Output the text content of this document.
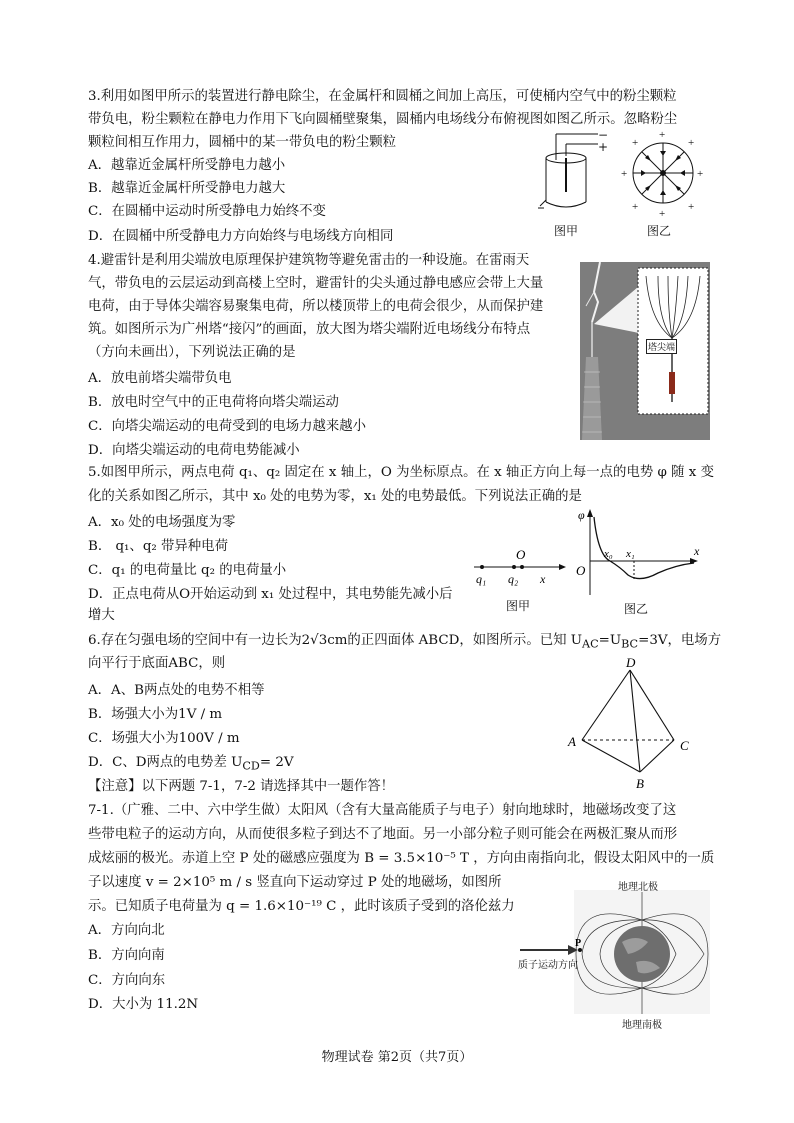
3.利用如图甲所示的装置进行静电除尘，在金属杆和圆桶之间加上高压，可使桶内空气中的粉尘颗粒
带负电，粉尘颗粒在静电力作用下飞向圆桶壁聚集，圆桶内电场线分布俯视图如图乙所示。忽略粉尘
颗粒间相互作用力，圆桶中的某一带负电的粉尘颗粒
A．越靠近金属杆所受静电力越小
B．越靠近金属杆所受静电力越大
C．在圆桶中运动时所受静电力始终不变
D．在圆桶中所受静电力方向始终与电场线方向相同
−
+
图甲
+
+
+	+
+	+
+	+
图乙
4.避雷针是利用尖端放电原理保护建筑物等避免雷击的一种设施。在雷雨天
气，带负电的云层运动到高楼上空时，避雷针的尖头通过静电感应会带上大量
电荷，由于导体尖端容易聚集电荷，所以楼顶带上的电荷会很少，从而保护建
筑。如图所示为广州塔“接闪”的画面，放大图为塔尖端附近电场线分布特点
（方向未画出），下列说法正确的是
A．放电前塔尖端带负电
B．放电时空气中的正电荷将向塔尖端运动
C．向塔尖端运动的电荷受到的电场力越来越小
D．向塔尖端运动的电荷电势能减小
塔尖端
5.如图甲所示，两点电荷 q₁、q₂ 固定在 x 轴上，O 为坐标原点。在 x 轴正方向上每一点的电势 φ 随 x 变
化的关系如图乙所示，其中 x₀ 处的电势为零，x₁ 处的电势最低。下列说法正确的是
A．x₀ 处的电场强度为零
B． q₁、q₂ 带异种电荷
C．q₁ 的电荷量比 q₂ 的电荷量小
D．正点电荷从O开始运动到 x₁ 处过程中，其电势能先减小后
增大
O
q₁ q₂ x
图甲
φ
x
O
x₀ x₁
图乙
6.存在匀强电场的空间中有一边长为2√3cm的正四面体 ABCD，如图所示。已知 $U_{AC}=U_{BC}=3V$，电场方
向平行于底面ABC，则
A．A、B两点处的电势不相等
B．场强大小为1V / m
C．场强大小为100V / m
D．C、D两点的电势差 $U_{CD}= 2V$
D
A	C
B
【注意】以下两题 7-1，7-2 请选择其中一题作答！
7-1.（广雅、二中、六中学生做）太阳风（含有大量高能质子与电子）射向地球时，地磁场改变了这
些带电粒子的运动方向，从而使很多粒子到达不了地面。另一小部分粒子则可能会在两极汇聚从而形
成炫丽的极光。赤道上空 P 处的磁感应强度为 B = 3.5×10⁻⁵ T ，方向由南指向北，假设太阳风中的一质
子以速度 v = 2×10⁵ m / s 竖直向下运动穿过 P 处的地磁场，如图所
示。已知质子电荷量为 q = 1.6×10⁻¹⁹ C ，此时该质子受到的洛伦兹力
A．方向向北
B．方向向南
C．方向向东
D．大小为 11.2N
P
地理北极
质子运动方向
地理南极
物理试卷 第2页（共7页）
